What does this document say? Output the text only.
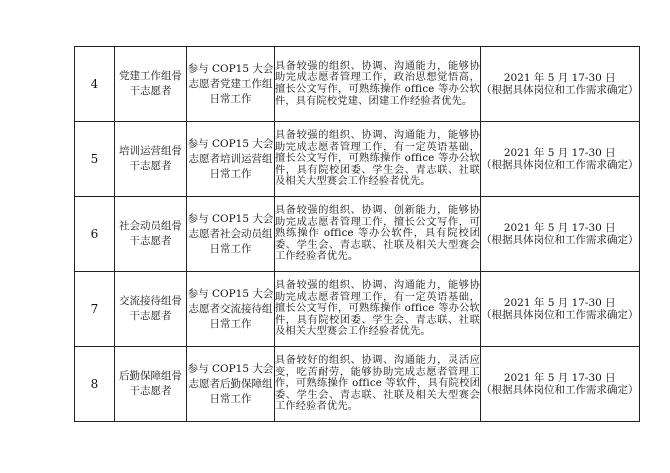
4	党建工作组骨干志愿者	参与 COP15 大会志愿者党建工作组日常工作	具备较强的组织、协调、沟通能力，能够协助完成志愿者管理工作，政治思想觉悟高，擅长公文写作，可熟练操作 office 等办公软件，具有院校党建、团建工作经验者优先。	2021 年 5 月 17-30 日
（根据具体岗位和工作需求确定）

5	培训运营组骨干志愿者	参与 COP15 大会志愿者培训运营组日常工作	具备较强的组织、协调、沟通能力，能够协助完成志愿者管理工作，有一定英语基础，擅长公文写作，可熟练操作 office 等办公软件，具有院校团委、学生会、青志联、社联及相关大型赛会工作经验者优先。	2021 年 5 月 17-30 日
（根据具体岗位和工作需求确定）

6	社会动员组骨干志愿者	参与 COP15 大会志愿者社会动员组日常工作	具备较强的组织、协调、创新能力，能够协助完成志愿者管理工作，擅长公文写作，可熟练操作 office 等办公软件，具有院校团委、学生会、青志联、社联及相关大型赛会工作经验者优先。	2021 年 5 月 17-30 日
（根据具体岗位和工作需求确定）

7	交流接待组骨干志愿者	参与 COP15 大会志愿者交流接待组日常工作	具备较强的组织、协调、沟通能力，能够协助完成志愿者管理工作，有一定英语基础，擅长公文写作，可熟练操作 office 等办公软件，具有院校团委、学生会、青志联、社联及相关大型赛会工作经验者优先。	2021 年 5 月 17-30 日
（根据具体岗位和工作需求确定）

8	后勤保障组骨干志愿者	参与 COP15 大会志愿者后勤保障组日常工作	具备较好的组织、协调、沟通能力，灵活应变，吃苦耐劳，能够协助完成志愿者管理工作，可熟练操作 office 等软件，具有院校团委、学生会、青志联、社联及相关大型赛会工作经验者优先。	2021 年 5 月 17-30 日
（根据具体岗位和工作需求确定）
